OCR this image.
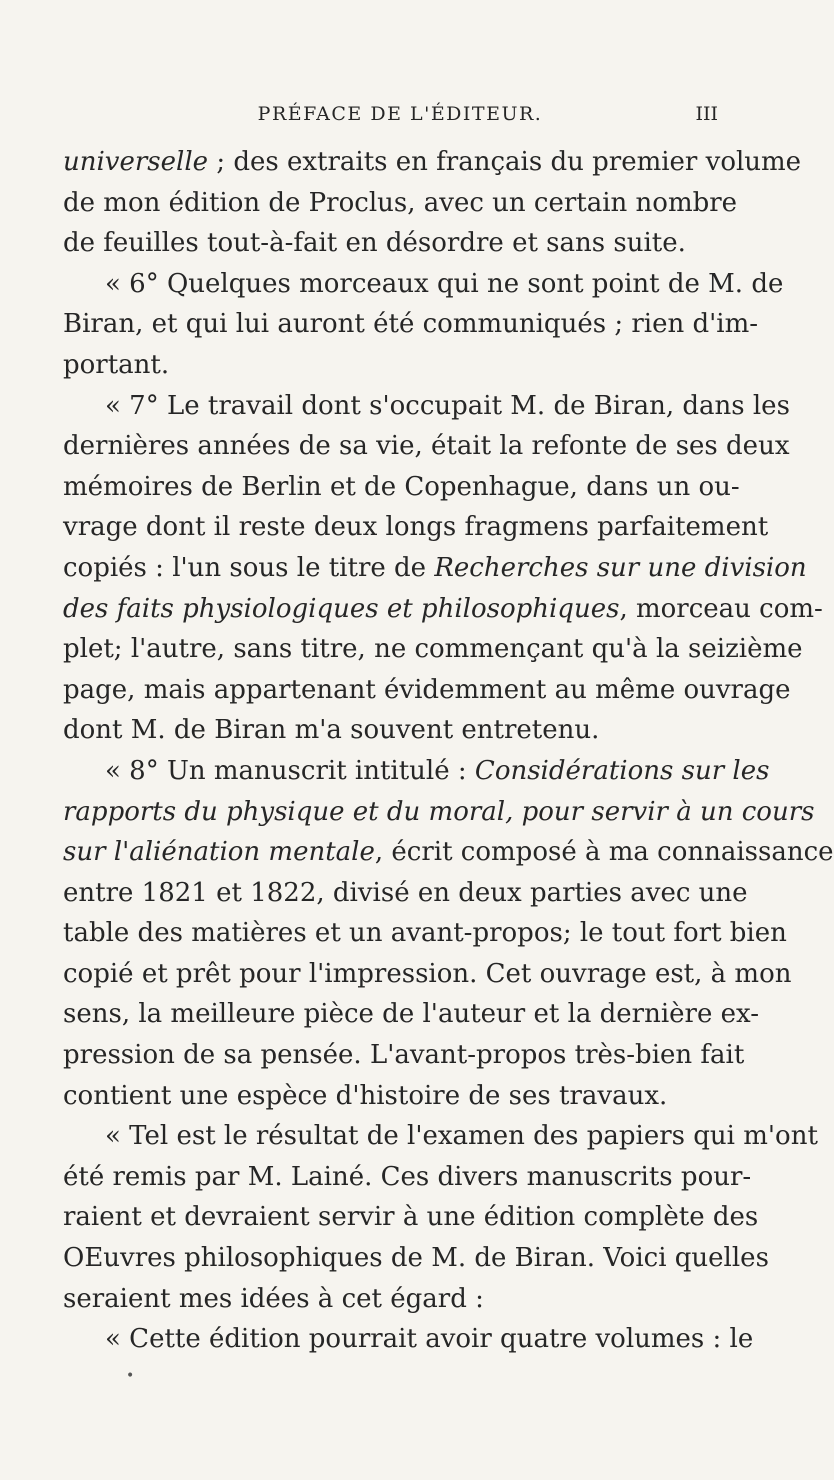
PRÉFACE DE L'ÉDITEUR.	III
universelle ; des extraits en français du premier volume
de mon édition de Proclus, avec un certain nombre
de feuilles tout-à-fait en désordre et sans suite.
« 6° Quelques morceaux qui ne sont point de M. de
Biran, et qui lui auront été communiqués ; rien d'im-
portant.
« 7° Le travail dont s'occupait M. de Biran, dans les
dernières années de sa vie, était la refonte de ses deux
mémoires de Berlin et de Copenhague, dans un ou-
vrage dont il reste deux longs fragmens parfaitement
copiés : l'un sous le titre de Recherches sur une division
des faits physiologiques et philosophiques, morceau com-
plet; l'autre, sans titre, ne commençant qu'à la seizième
page, mais appartenant évidemment au même ouvrage
dont M. de Biran m'a souvent entretenu.
« 8° Un manuscrit intitulé : Considérations sur les
rapports du physique et du moral, pour servir à un cours
sur l'aliénation mentale, écrit composé à ma connaissance
entre 1821 et 1822, divisé en deux parties avec une
table des matières et un avant-propos; le tout fort bien
copié et prêt pour l'impression. Cet ouvrage est, à mon
sens, la meilleure pièce de l'auteur et la dernière ex-
pression de sa pensée. L'avant-propos très-bien fait
contient une espèce d'histoire de ses travaux.
« Tel est le résultat de l'examen des papiers qui m'ont
été remis par M. Lainé. Ces divers manuscrits pour-
raient et devraient servir à une édition complète des
OEuvres philosophiques de M. de Biran. Voici quelles
seraient mes idées à cet égard :
« Cette édition pourrait avoir quatre volumes : le
•
